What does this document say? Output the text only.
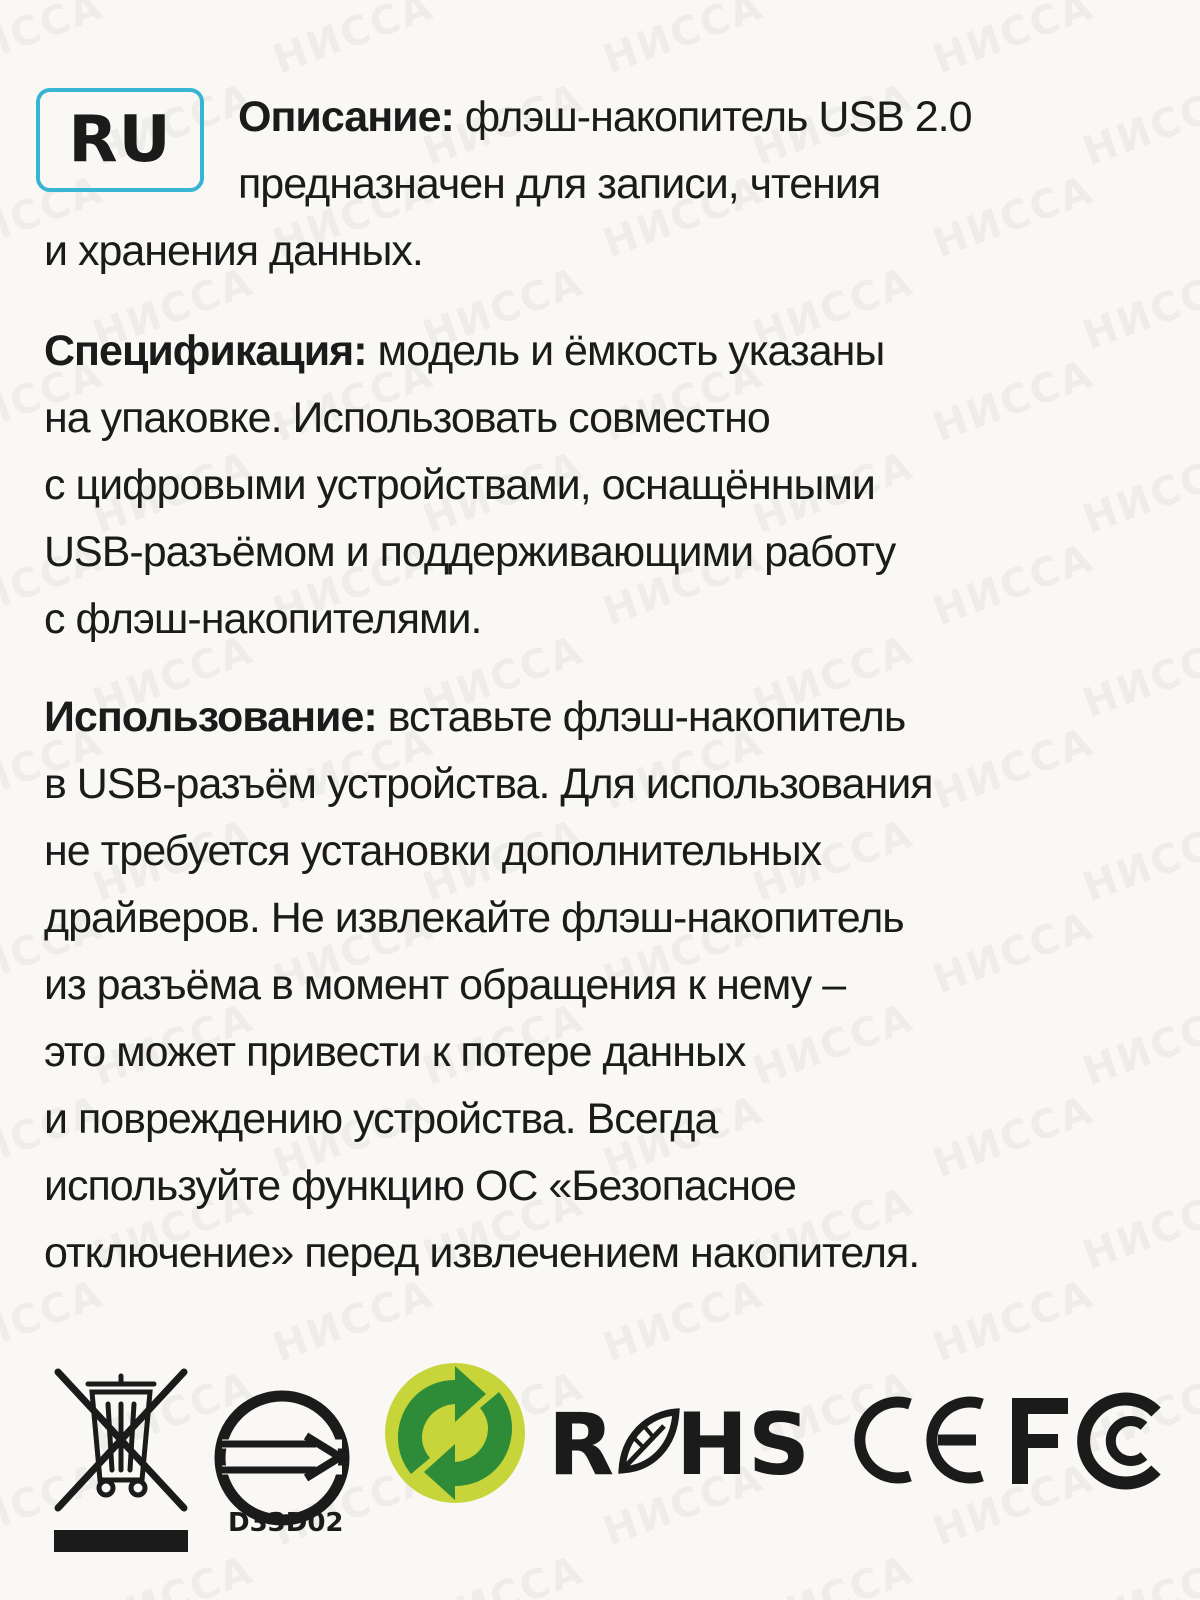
RU Описание: флэш-накопитель USB 2.0
предназначен для записи, чтения

и хранения данных.

Спецификация: модель и ёмкость указаны
на упаковке. Использовать совместно
с цифровыми устройствами, оснащёнными
USB-разъёмом и поддерживающими работу
с флэш-накопителями.

Использование: вставьте флэш-накопитель
в USB-разъём устройства. Для использования
не требуется установки дополнительных
драйверов. Не извлекайте флэш-накопитель
из разъёма в момент обращения к нему –
это может привести к потере данных
и повреждению устройства. Всегда
используйте функцию ОС «Безопасное
отключение» перед извлечением накопителя.

D33D02
R HS
